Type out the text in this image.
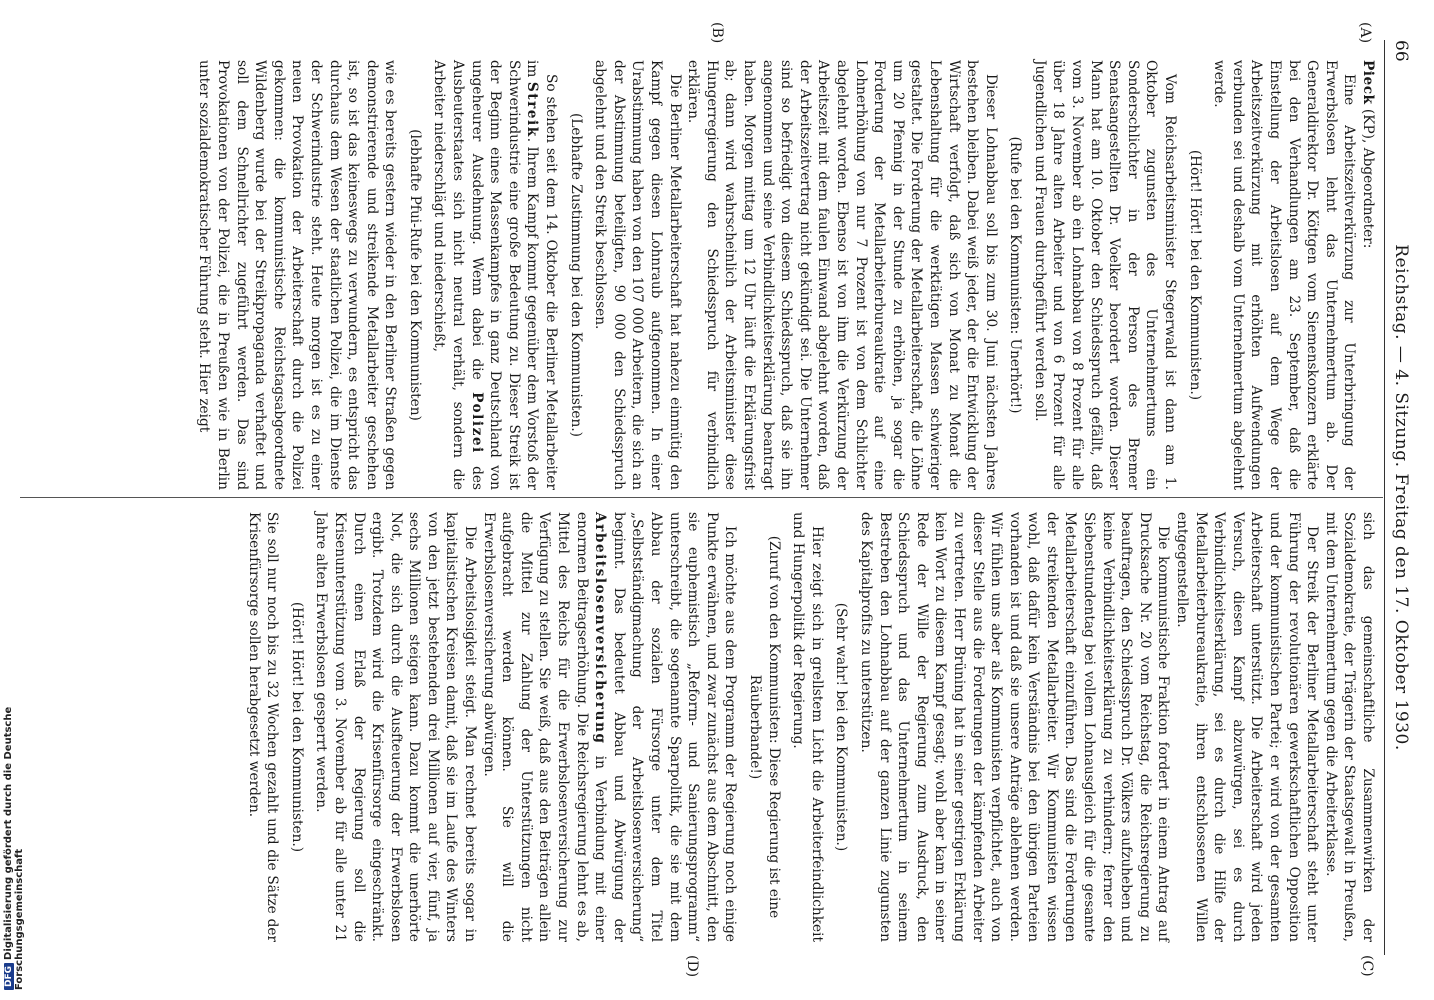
66
Reichstag. — 4. Sitzung. Freitag den 17. Oktober 1930.
(A)
(B)
(C)
(D)

Pieck (KP), Abgeordneter:

Eine Arbeitszeitverkürzung zur Unterbringung der Erwerbslosen lehnt das Unternehmertum ab. Der Generaldirektor Dr. Köttgen vom Siemenskonzern erklärte bei den Verhandlungen am 23. September, daß die Einstellung der Arbeitslosen auf dem Wege der Arbeitszeitverkürzung mit erhöhten Aufwendungen verbunden sei und deshalb vom Unternehmertum abgelehnt werde.

(Hört! Hört! bei den Kommunisten.)

Vom Reichsarbeitsminister Stegerwald ist dann am 1. Oktober zugunsten des Unternehmertums ein Sonderschlichter in der Person des Bremer Senatsangestellten Dr. Voelker beordert worden. Dieser Mann hat am 10. Oktober den Schiedsspruch gefällt, daß vom 3. November ab ein Lohnabbau von 8 Prozent für alle über 18 Jahre alten Arbeiter und von 6 Prozent für alle Jugendlichen und Frauen durchgeführt werden soll.

(Rufe bei den Kommunisten: Unerhört!)

Dieser Lohnabbau soll bis zum 30. Juni nächsten Jahres bestehen bleiben. Dabei weiß jeder, der die Entwicklung der Wirtschaft verfolgt, daß sich von Monat zu Monat die Lebenshaltung für die werktätigen Massen schwieriger gestaltet. Die Forderung der Metallarbeiterschaft, die Löhne um 20 Pfennig in der Stunde zu erhöhen, ja sogar die Forderung der Metallarbeiterbureaukratie auf eine Lohnerhöhung von nur 7 Prozent ist von dem Schlichter abgelehnt worden. Ebenso ist von ihm die Verkürzung der Arbeitszeit mit dem faulen Einwand abgelehnt worden, daß der Arbeitszeitvertrag nicht gekündigt sei. Die Unternehmer sind so befriedigt von diesem Schiedsspruch, daß sie ihn angenommen und seine Verbindlichkeitserklärung beantragt haben. Morgen mittag um 12 Uhr läuft die Erklärungsfrist ab; dann wird wahrscheinlich der Arbeitsminister diese Hungerregierung den Schiedsspruch für verbindlich erklären.

Die Berliner Metallarbeiterschaft hat nahezu einmütig den Kampf gegen diesen Lohnraub aufgenommen. In einer Urabstimmung haben von den 107 000 Arbeitern, die sich an der Abstimmung beteiligten, 90 000 den Schiedsspruch abgelehnt und den Streik beschlossen.

(Lebhafte Zustimmung bei den Kommunisten.)

So stehen seit dem 14. Oktober die Berliner Metallarbeiter im Streik. Ihrem Kampf kommt gegenüber dem Vorstoß der Schwerindustrie eine große Bedeutung zu. Dieser Streik ist der Beginn eines Massenkampfes in ganz Deutschland von ungeheurer Ausdehnung. Wenn dabei die Polizei des Ausbeuterstaates sich nicht neutral verhält, sondern die Arbeiter niederschlägt und niederschießt,

(lebhafte Pfui-Rufe bei den Kommunisten)

wie es bereits gestern wieder in den Berliner Straßen gegen demonstrierende und streikende Metallarbeiter geschehen ist, so ist das keineswegs zu verwundern, es entspricht das durchaus dem Wesen der staatlichen Polizei, die im Dienste der Schwerindustrie steht. Heute morgen ist es zu einer neuen Provokation der Arbeiterschaft durch die Polizei gekommen: die kommunistische Reichstagsabgeordnete Wildenberg wurde bei der Streikpropaganda verhaftet und soll dem Schnellrichter zugeführt werden. Das sind Provokationen von der Polizei, die in Preußen wie in Berlin unter sozialdemokratischer Führung steht. Hier zeigt

sich das gemeinschaftliche Zusammenwirken der Sozialdemokratie, der Trägerin der Staatsgewalt in Preußen, mit dem Unternehmertum gegen die Arbeiterklasse.

Der Streik der Berliner Metallarbeiterschaft steht unter Führung der revolutionären gewerkschaftlichen Opposition und der kommunistischen Partei; er wird von der gesamten Arbeiterschaft unterstützt. Die Arbeiterschaft wird jeden Versuch, diesen Kampf abzuwürgen, sei es durch Verbindlichkeitserklärung, sei es durch die Hilfe der Metallarbeiterbureaukratie, ihren entschlossenen Willen entgegenstellen.

Die kommunistische Fraktion fordert in einem Antrag auf Drucksache Nr. 20 vom Reichstag, die Reichsregierung zu beauftragen, den Schiedsspruch Dr. Völkers aufzuheben und keine Verbindlichkeitserklärung zu verhindern; ferner den Siebenstundentag bei vollem Lohnausgleich für die gesamte Metallarbeiterschaft einzuführen. Das sind die Forderungen der streikenden Metallarbeiter. Wir Kommunisten wissen wohl, daß dafür kein Verständnis bei den übrigen Parteien vorhanden ist und daß sie unsere Anträge ablehnen werden. Wir fühlen uns aber als Kommunisten verpflichtet, auch von dieser Stelle aus die Forderungen der kämpfenden Arbeiter zu vertreten. Herr Brüning hat in seiner gestrigen Erklärung kein Wort zu diesem Kampf gesagt; wohl aber kam in seiner Rede der Wille der Regierung zum Ausdruck, den Schiedsspruch und das Unternehmertum in seinem Bestreben den Lohnabbau auf der ganzen Linie zugunsten des Kapitalprofits zu unterstützen.

(Sehr wahr! bei den Kommunisten.)

Hier zeigt sich in grellstem Licht die Arbeiterfeindlichkeit und Hungerpolitik der Regierung.

(Zuruf von den Kommunisten: Diese Regierung ist eine Räuberbande!)

Ich möchte aus dem Programm der Regierung noch einige Punkte erwähnen, und zwar zunächst aus dem Abschnitt, den sie euphemistisch „Reform- und Sanierungsprogramm“ unterschreibt, die sogenannte Sparpolitik, die sie mit dem Abbau der sozialen Fürsorge unter dem Titel „Selbstständigmachung der Arbeitslosenversicherung“ beginnt. Das bedeutet Abbau und Abwürgung der Arbeitslosenversicherung in Verbindung mit einer enormen Beitragserhöhung. Die Reichsregierung lehnt es ab, Mittel des Reichs für die Erwerbslosenversicherung zur Verfügung zu stellen. Sie weiß, daß aus den Beiträgen allein die Mittel zur Zahlung der Unterstützungen nicht aufgebracht werden können. Sie will die Erwerbslosenversicherung abwürgen.

Die Arbeitslosigkeit steigt. Man rechnet bereits sogar in kapitalistischen Kreisen damit, daß sie im Laufe des Winters von den jetzt bestehenden drei Millionen auf vier, fünf, ja sechs Millionen steigen kann. Dazu kommt die unerhörte Not, die sich durch die Ausfteuerung der Erwerbslosen ergibt. Trotzdem wird die Krisenfürsorge eingeschränkt. Durch einen Erlaß der Regierung soll die Krisenunterstützung vom 3. November ab für alle unter 21 Jahre alten Erwerbslosen gesperrt werden.

(Hört! Hört! bei den Kommunisten.)

Sie soll nur noch bis zu 32 Wochen gezahlt und die Sätze der Krisenfürsorge sollen herabgesetzt werden.

DFGDigitalisierung gefördert durch die Deutsche Forschungsgemeinschaft
